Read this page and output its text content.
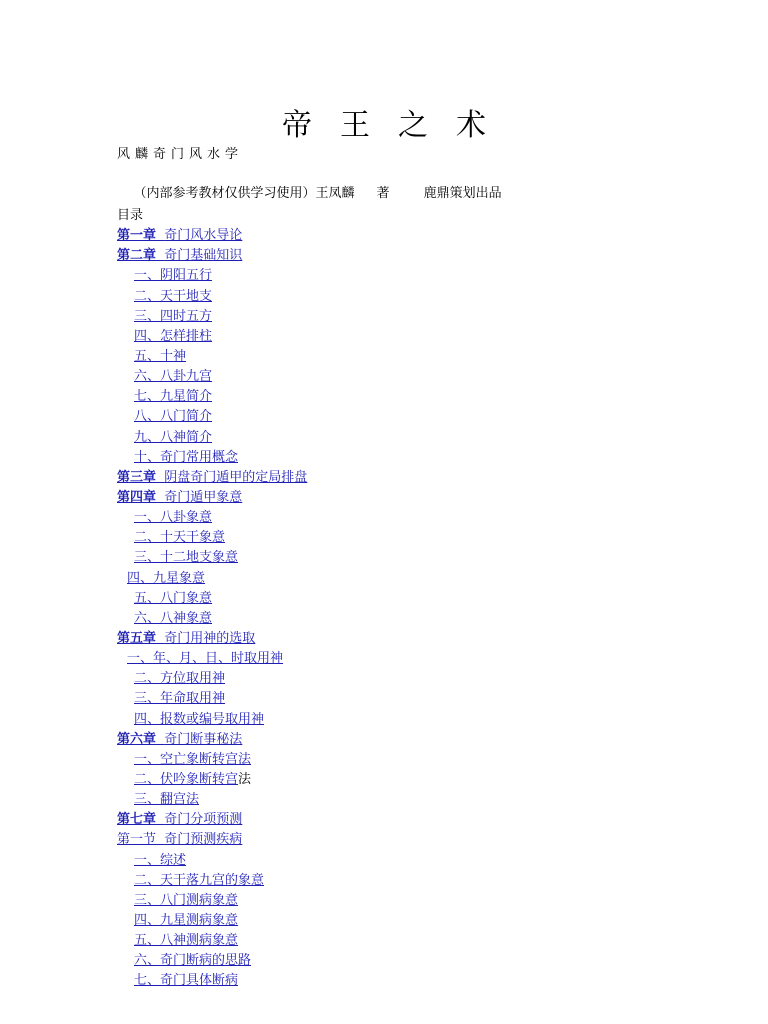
帝王之术
风麟奇门风水学

（内部参考教材仅供学习使用）王凤麟 著	鹿鼎策划出品

目录
第一章 奇门风水导论
第二章 奇门基础知识
一、阴阳五行
二、天干地支
三、四时五方
四、怎样排柱
五、十神
六、八卦九宫
七、九星简介
八、八门简介
九、八神简介
十、奇门常用概念
第三章 阴盘奇门遁甲的定局排盘
第四章 奇门遁甲象意
一、八卦象意
二、十天干象意
三、十二地支象意
四、九星象意
五、八门象意
六、八神象意
第五章 奇门用神的选取
一、年、月、日、时取用神
二、方位取用神
三、年命取用神
四、报数或编号取用神
第六章 奇门断事秘法
一、空亡象断转宫法
二、伏吟象断转宫法
三、翻宫法
第七章 奇门分项预测
第一节 奇门预测疾病
一、综述
二、天干落九宫的象意
三、八门测病象意
四、九星测病象意
五、八神测病象意
六、奇门断病的思路
七、奇门具体断病
